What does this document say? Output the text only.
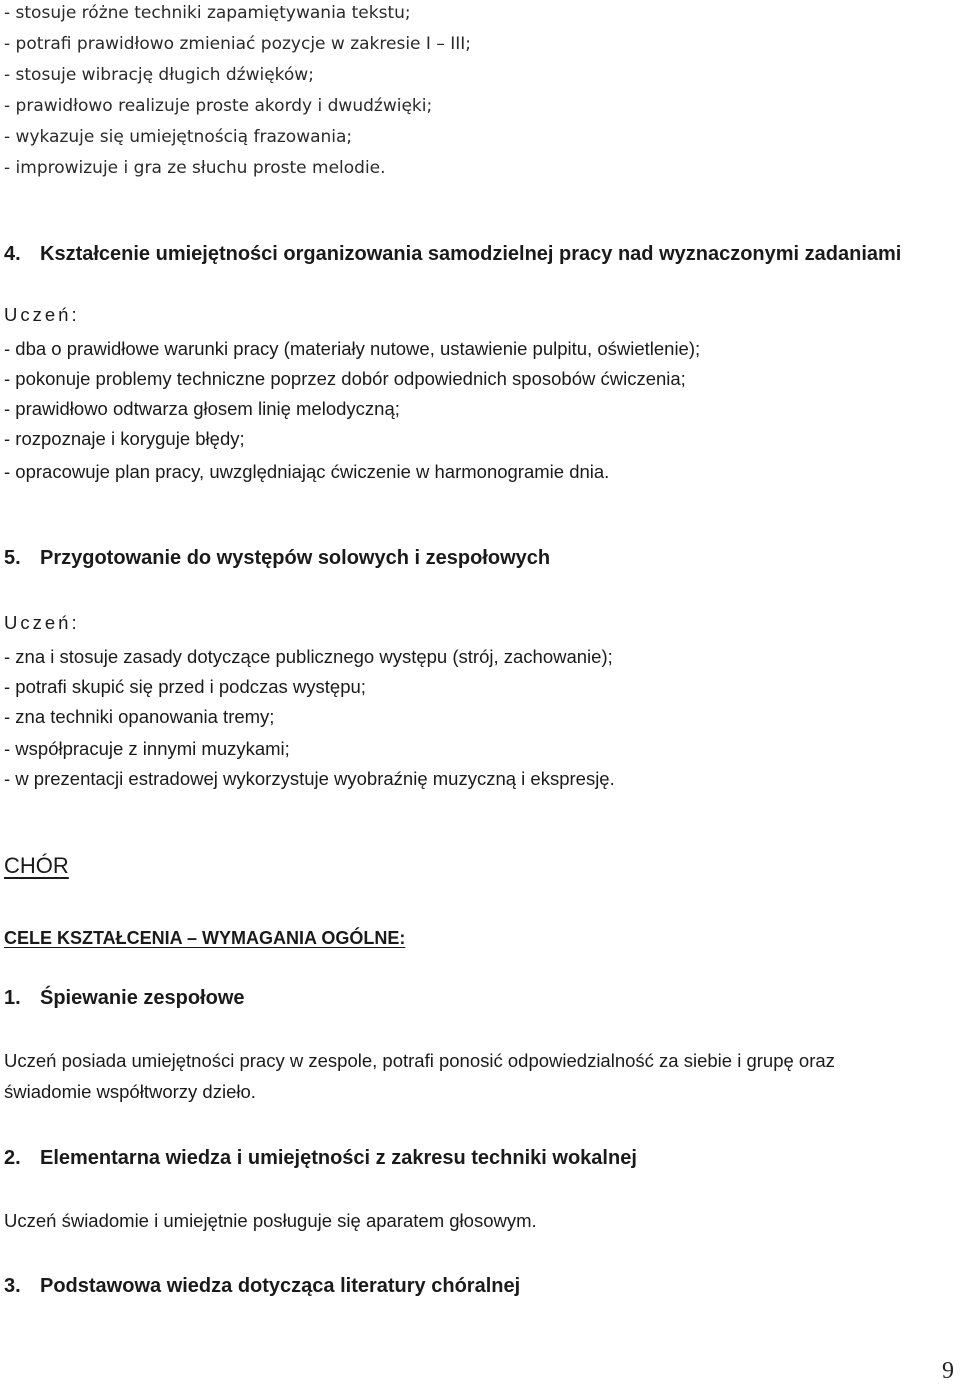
- stosuje różne techniki zapamiętywania tekstu;
- potrafi prawidłowo zmieniać pozycje w zakresie I – III;
- stosuje wibrację długich dźwięków;
- prawidłowo realizuje proste akordy i dwudźwięki;
- wykazuje się umiejętnością frazowania;
- improwizuje i gra ze słuchu proste melodie.
4. Kształcenie umiejętności organizowania samodzielnej pracy nad wyznaczonymi zadaniami
Uczeń:
- dba o prawidłowe warunki pracy (materiały nutowe, ustawienie pulpitu, oświetlenie);
- pokonuje problemy techniczne poprzez dobór odpowiednich sposobów ćwiczenia;
- prawidłowo odtwarza głosem linię melodyczną;
- rozpoznaje i koryguje błędy;
- opracowuje plan pracy, uwzględniając ćwiczenie w harmonogramie dnia.
5. Przygotowanie do występów solowych i zespołowych
Uczeń:
- zna i stosuje zasady dotyczące publicznego występu (strój, zachowanie);
- potrafi skupić się przed i podczas występu;
- zna techniki opanowania tremy;
- współpracuje z innymi muzykami;
- w prezentacji estradowej wykorzystuje wyobraźnię muzyczną i ekspresję.
CHÓR
CELE KSZTAŁCENIA – WYMAGANIA OGÓLNE:
1. Śpiewanie zespołowe
Uczeń posiada umiejętności pracy w zespole, potrafi ponosić odpowiedzialność za siebie i grupę oraz
świadomie współtworzy dzieło.
2. Elementarna wiedza i umiejętności z zakresu techniki wokalnej
Uczeń świadomie i umiejętnie posługuje się aparatem głosowym.
3. Podstawowa wiedza dotycząca literatury chóralnej
9
